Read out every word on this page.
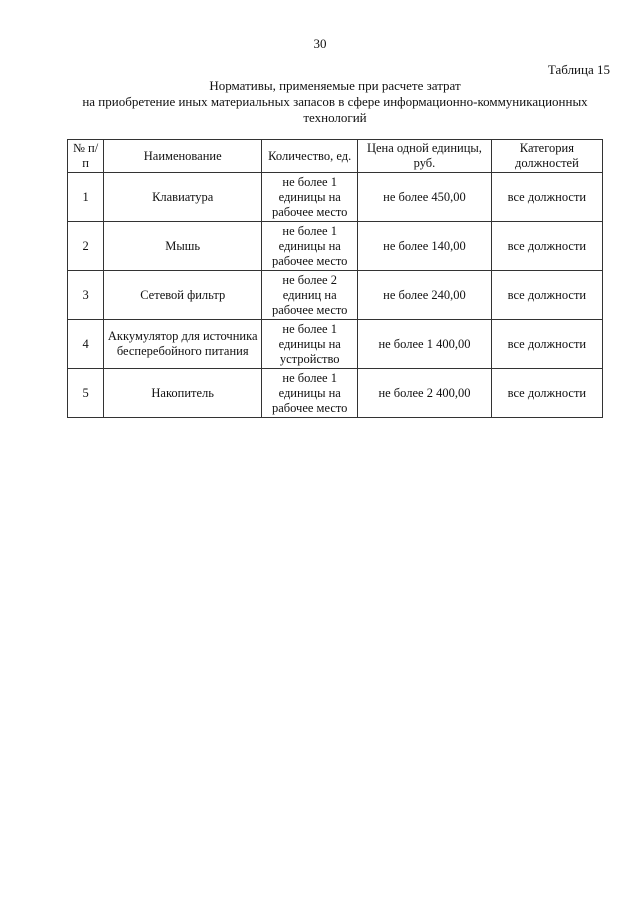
30
Таблица 15
Нормативы, применяемые при расчете затрат
на приобретение иных материальных запасов в сфере информационно-коммуникационных
технологий
№ п/п	Наименование	Количество, ед.	Цена одной единицы, руб.	Категория должностей
1	Клавиатура	не более 1 единицы на рабочее место	не более 450,00	все должности
2	Мышь	не более 1 единицы на рабочее место	не более 140,00	все должности
3	Сетевой фильтр	не более 2 единиц на рабочее место	не более 240,00	все должности
4	Аккумулятор для источника бесперебойного питания	не более 1 единицы на устройство	не более 1 400,00	все должности
5	Накопитель	не более 1 единицы на рабочее место	не более 2 400,00	все должности
